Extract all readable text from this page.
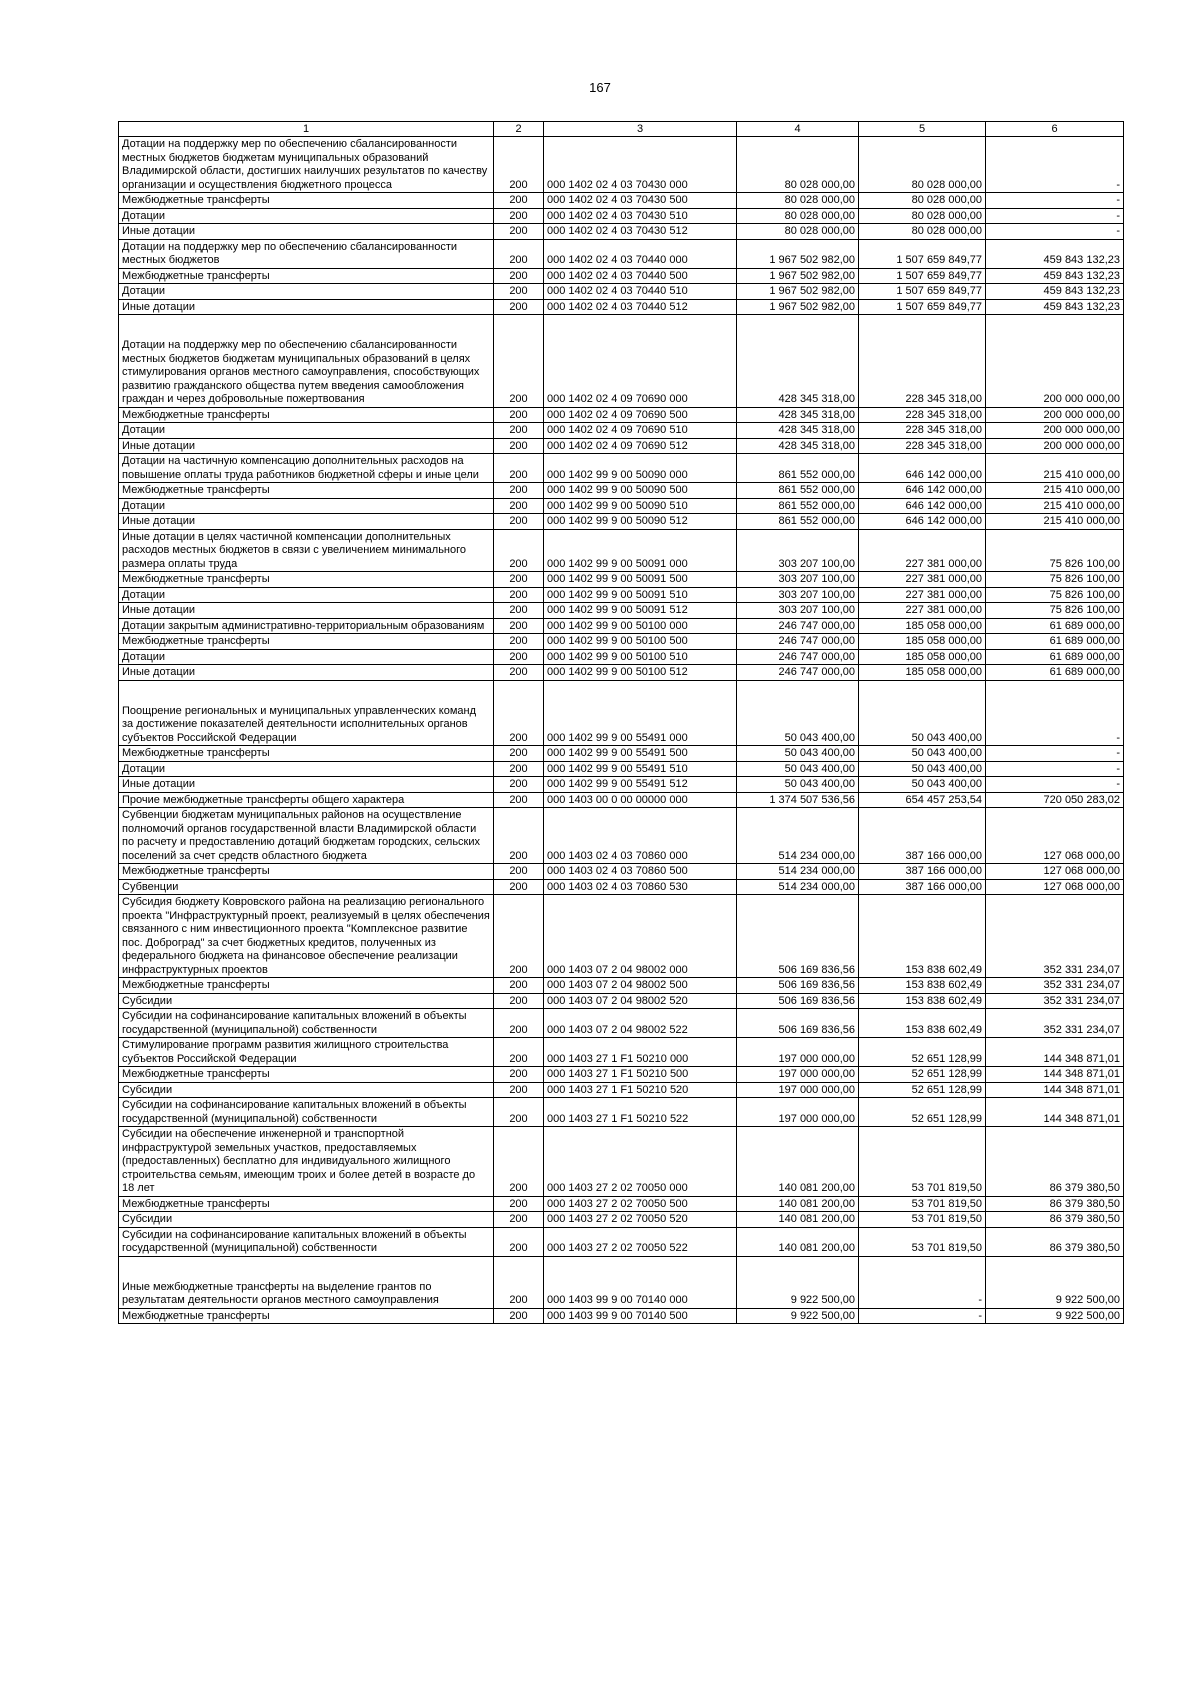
167
1	2	3	4	5	6
Дотации на поддержку мер по обеспечению сбалансированности местных бюджетов бюджетам муниципальных образований Владимирской области, достигших наилучших результатов по качеству организации и осуществления бюджетного процесса	200	000 1402 02 4 03 70430 000	80 028 000,00	80 028 000,00	-
Межбюджетные трансферты	200	000 1402 02 4 03 70430 500	80 028 000,00	80 028 000,00	-
Дотации	200	000 1402 02 4 03 70430 510	80 028 000,00	80 028 000,00	-
Иные дотации	200	000 1402 02 4 03 70430 512	80 028 000,00	80 028 000,00	-
Дотации на поддержку мер по обеспечению сбалансированности местных бюджетов	200	000 1402 02 4 03 70440 000	1 967 502 982,00	1 507 659 849,77	459 843 132,23
Межбюджетные трансферты	200	000 1402 02 4 03 70440 500	1 967 502 982,00	1 507 659 849,77	459 843 132,23
Дотации	200	000 1402 02 4 03 70440 510	1 967 502 982,00	1 507 659 849,77	459 843 132,23
Иные дотации	200	000 1402 02 4 03 70440 512	1 967 502 982,00	1 507 659 849,77	459 843 132,23
Дотации на поддержку мер по обеспечению сбалансированности местных бюджетов бюджетам муниципальных образований в целях стимулирования органов местного самоуправления, способствующих развитию гражданского общества путем введения самообложения граждан и через добровольные пожертвования	200	000 1402 02 4 09 70690 000	428 345 318,00	228 345 318,00	200 000 000,00
Межбюджетные трансферты	200	000 1402 02 4 09 70690 500	428 345 318,00	228 345 318,00	200 000 000,00
Дотации	200	000 1402 02 4 09 70690 510	428 345 318,00	228 345 318,00	200 000 000,00
Иные дотации	200	000 1402 02 4 09 70690 512	428 345 318,00	228 345 318,00	200 000 000,00
Дотации на частичную компенсацию дополнительных расходов на повышение оплаты труда работников бюджетной сферы и иные цели	200	000 1402 99 9 00 50090 000	861 552 000,00	646 142 000,00	215 410 000,00
Межбюджетные трансферты	200	000 1402 99 9 00 50090 500	861 552 000,00	646 142 000,00	215 410 000,00
Дотации	200	000 1402 99 9 00 50090 510	861 552 000,00	646 142 000,00	215 410 000,00
Иные дотации	200	000 1402 99 9 00 50090 512	861 552 000,00	646 142 000,00	215 410 000,00
Иные дотации в целях частичной компенсации дополнительных расходов местных бюджетов в связи с увеличением минимального размера оплаты труда	200	000 1402 99 9 00 50091 000	303 207 100,00	227 381 000,00	75 826 100,00
Межбюджетные трансферты	200	000 1402 99 9 00 50091 500	303 207 100,00	227 381 000,00	75 826 100,00
Дотации	200	000 1402 99 9 00 50091 510	303 207 100,00	227 381 000,00	75 826 100,00
Иные дотации	200	000 1402 99 9 00 50091 512	303 207 100,00	227 381 000,00	75 826 100,00
Дотации закрытым административно-территориальным образованиям	200	000 1402 99 9 00 50100 000	246 747 000,00	185 058 000,00	61 689 000,00
Межбюджетные трансферты	200	000 1402 99 9 00 50100 500	246 747 000,00	185 058 000,00	61 689 000,00
Дотации	200	000 1402 99 9 00 50100 510	246 747 000,00	185 058 000,00	61 689 000,00
Иные дотации	200	000 1402 99 9 00 50100 512	246 747 000,00	185 058 000,00	61 689 000,00
Поощрение региональных и муниципальных управленческих команд за достижение показателей деятельности исполнительных органов субъектов Российской Федерации	200	000 1402 99 9 00 55491 000	50 043 400,00	50 043 400,00	-
Межбюджетные трансферты	200	000 1402 99 9 00 55491 500	50 043 400,00	50 043 400,00	-
Дотации	200	000 1402 99 9 00 55491 510	50 043 400,00	50 043 400,00	-
Иные дотации	200	000 1402 99 9 00 55491 512	50 043 400,00	50 043 400,00	-
Прочие межбюджетные трансферты общего характера	200	000 1403 00 0 00 00000 000	1 374 507 536,56	654 457 253,54	720 050 283,02
Субвенции бюджетам муниципальных районов на осуществление полномочий органов государственной власти Владимирской области по расчету и предоставлению дотаций бюджетам городских, сельских поселений за счет средств областного бюджета	200	000 1403 02 4 03 70860 000	514 234 000,00	387 166 000,00	127 068 000,00
Межбюджетные трансферты	200	000 1403 02 4 03 70860 500	514 234 000,00	387 166 000,00	127 068 000,00
Субвенции	200	000 1403 02 4 03 70860 530	514 234 000,00	387 166 000,00	127 068 000,00
Субсидия бюджету Ковровского района на реализацию регионального проекта "Инфраструктурный проект, реализуемый в целях обеспечения связанного с ним инвестиционного проекта "Комплексное развитие пос. Доброград" за счет бюджетных кредитов, полученных из федерального бюджета на финансовое обеспечение реализации инфраструктурных проектов	200	000 1403 07 2 04 98002 000	506 169 836,56	153 838 602,49	352 331 234,07
Межбюджетные трансферты	200	000 1403 07 2 04 98002 500	506 169 836,56	153 838 602,49	352 331 234,07
Субсидии	200	000 1403 07 2 04 98002 520	506 169 836,56	153 838 602,49	352 331 234,07
Субсидии на софинансирование капитальных вложений в объекты государственной (муниципальной) собственности	200	000 1403 07 2 04 98002 522	506 169 836,56	153 838 602,49	352 331 234,07
Стимулирование программ развития жилищного строительства субъектов Российской Федерации	200	000 1403 27 1 F1 50210 000	197 000 000,00	52 651 128,99	144 348 871,01
Межбюджетные трансферты	200	000 1403 27 1 F1 50210 500	197 000 000,00	52 651 128,99	144 348 871,01
Субсидии	200	000 1403 27 1 F1 50210 520	197 000 000,00	52 651 128,99	144 348 871,01
Субсидии на софинансирование капитальных вложений в объекты государственной (муниципальной) собственности	200	000 1403 27 1 F1 50210 522	197 000 000,00	52 651 128,99	144 348 871,01
Субсидии на обеспечение инженерной и транспортной инфраструктурой земельных участков, предоставляемых (предоставленных) бесплатно для индивидуального жилищного строительства семьям, имеющим троих и более детей в возрасте до 18 лет	200	000 1403 27 2 02 70050 000	140 081 200,00	53 701 819,50	86 379 380,50
Межбюджетные трансферты	200	000 1403 27 2 02 70050 500	140 081 200,00	53 701 819,50	86 379 380,50
Субсидии	200	000 1403 27 2 02 70050 520	140 081 200,00	53 701 819,50	86 379 380,50
Субсидии на софинансирование капитальных вложений в объекты государственной (муниципальной) собственности	200	000 1403 27 2 02 70050 522	140 081 200,00	53 701 819,50	86 379 380,50
Иные межбюджетные трансферты на выделение грантов по результатам деятельности органов местного самоуправления	200	000 1403 99 9 00 70140 000	9 922 500,00	-	9 922 500,00
Межбюджетные трансферты	200	000 1403 99 9 00 70140 500	9 922 500,00	-	9 922 500,00
